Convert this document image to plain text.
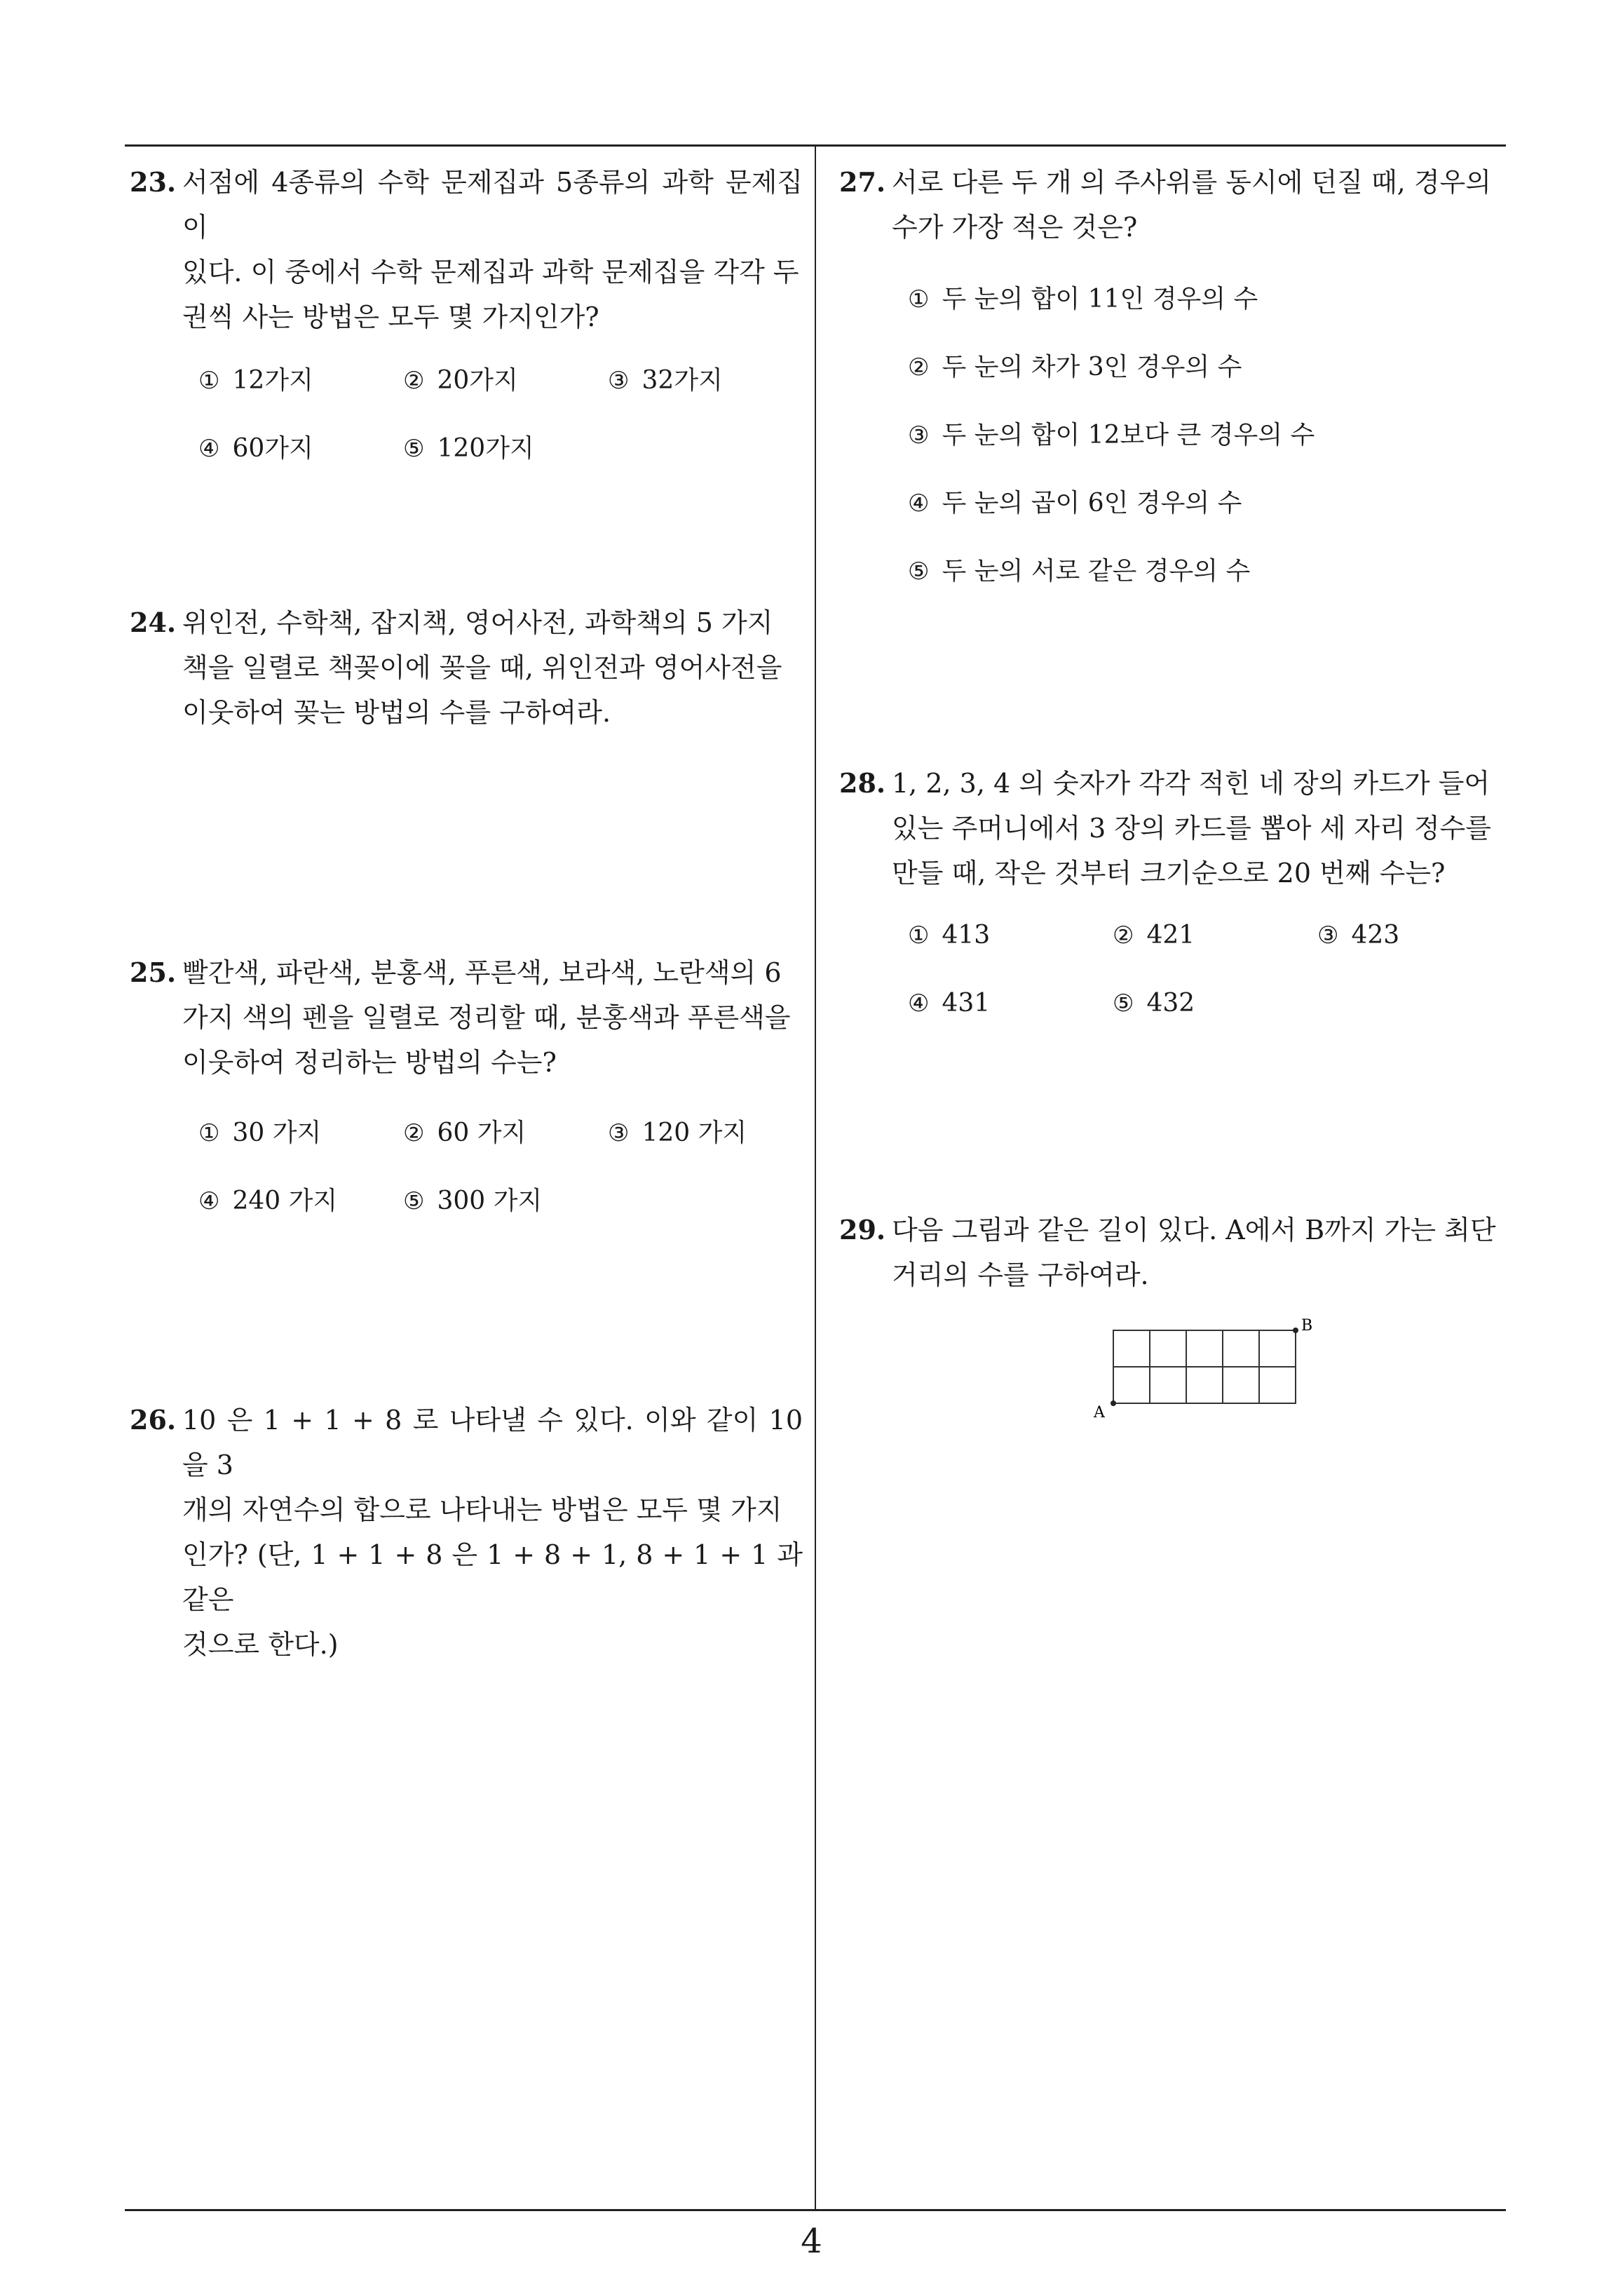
23. 서점에 4종류의 수학 문제집과 5종류의 과학 문제집이
있다. 이 중에서 수학 문제집과 과학 문제집을 각각 두
권씩 사는 방법은 모두 몇 가지인가?
① 12가지	② 20가지	③ 32가지
④ 60가지	⑤ 120가지
24. 위인전, 수학책, 잡지책, 영어사전, 과학책의 5 가지
책을 일렬로 책꽂이에 꽂을 때, 위인전과 영어사전을
이웃하여 꽂는 방법의 수를 구하여라.
25. 빨간색, 파란색, 분홍색, 푸른색, 보라색, 노란색의 6
가지 색의 펜을 일렬로 정리할 때, 분홍색과 푸른색을
이웃하여 정리하는 방법의 수는?
① 30 가지	② 60 가지	③ 120 가지
④ 240 가지	⑤ 300 가지
26. 10 은 1 + 1 + 8 로 나타낼 수 있다. 이와 같이 10 을 3
개의 자연수의 합으로 나타내는 방법은 모두 몇 가지
인가? (단, 1 + 1 + 8 은 1 + 8 + 1, 8 + 1 + 1 과 같은
것으로 한다.)
27. 서로 다른 두 개 의 주사위를 동시에 던질 때, 경우의
수가 가장 적은 것은?
① 두 눈의 합이 11인 경우의 수
② 두 눈의 차가 3인 경우의 수
③ 두 눈의 합이 12보다 큰 경우의 수
④ 두 눈의 곱이 6인 경우의 수
⑤ 두 눈의 서로 같은 경우의 수
28. 1, 2, 3, 4 의 숫자가 각각 적힌 네 장의 카드가 들어
있는 주머니에서 3 장의 카드를 뽑아 세 자리 정수를
만들 때, 작은 것부터 크기순으로 20 번째 수는?
① 413	② 421	③ 423
④ 431	⑤ 432
29. 다음 그림과 같은 길이 있다. A에서 B까지 가는 최단
거리의 수를 구하여라.
A
B
4
